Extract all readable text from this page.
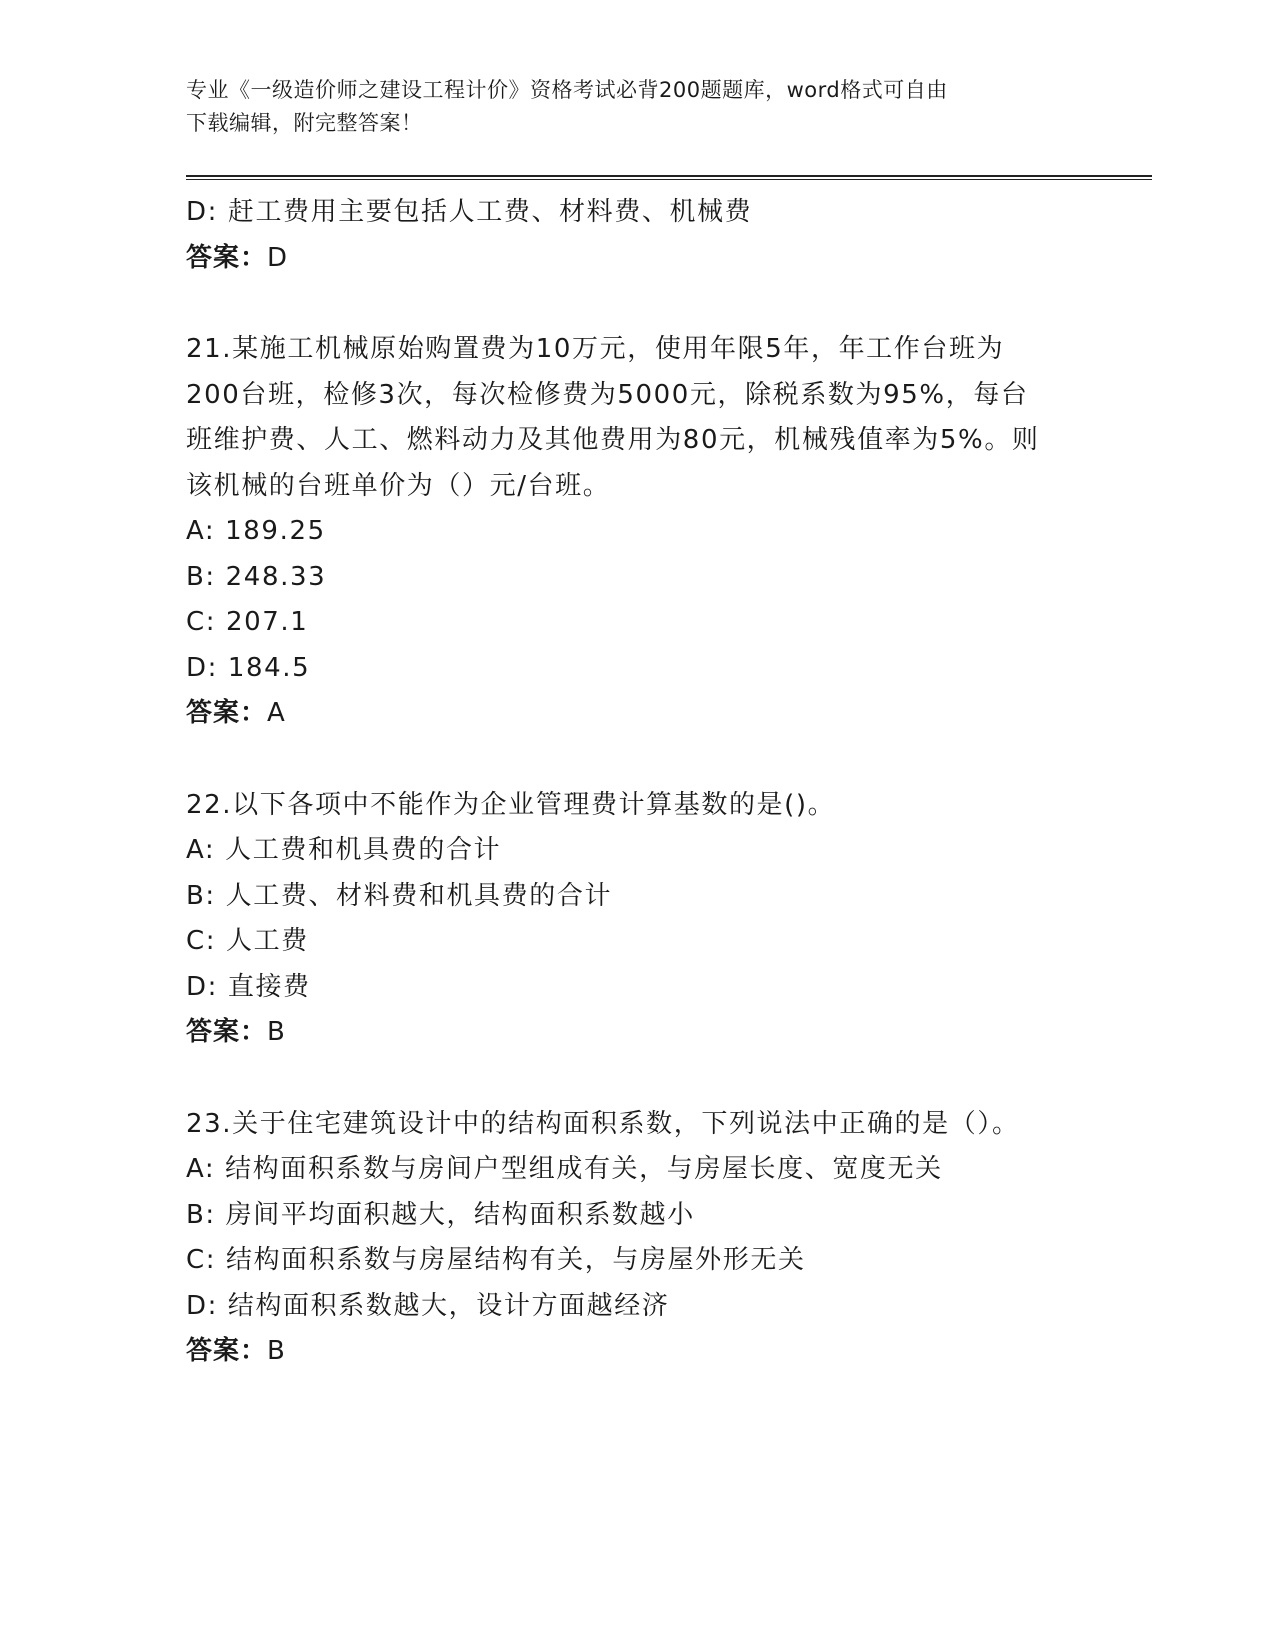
专业《一级造价师之建设工程计价》资格考试必背200题题库，word格式可自由
下载编辑，附完整答案！
D: 赶工费用主要包括人工费、材料费、机械费
答案：D
21.某施工机械原始购置费为10万元，使用年限5年，年工作台班为
200台班，检修3次，每次检修费为5000元，除税系数为95%，每台
班维护费、人工、燃料动力及其他费用为80元，机械残值率为5%。则
该机械的台班单价为（）元/台班。
A: 189.25
B: 248.33
C: 207.1
D: 184.5
答案：A
22.以下各项中不能作为企业管理费计算基数的是()。
A: 人工费和机具费的合计
B: 人工费、材料费和机具费的合计
C: 人工费
D: 直接费
答案：B
23.关于住宅建筑设计中的结构面积系数，下列说法中正确的是（）。
A: 结构面积系数与房间户型组成有关，与房屋长度、宽度无关
B: 房间平均面积越大，结构面积系数越小
C: 结构面积系数与房屋结构有关，与房屋外形无关
D: 结构面积系数越大，设计方面越经济
答案：B
